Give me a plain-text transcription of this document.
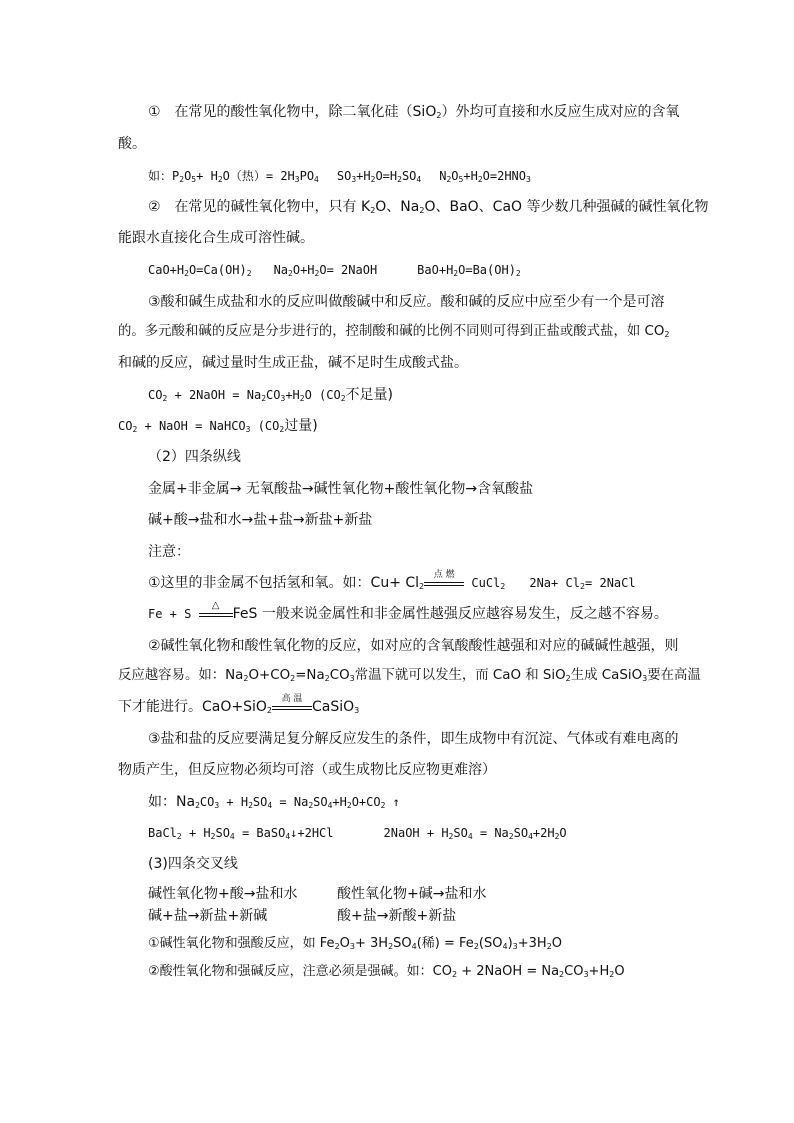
①　在常见的酸性氧化物中，除二氧化硅（SiO$_2$）外均可直接和水反应生成对应的含氧
酸。
如：$P_2O_5+ H_2O$（热）= $2H_3PO_4$ $SO_3+H_2O=H_2SO_4$ $N_2O_5+H_2O=2HNO_3$
②　在常见的碱性氧化物中，只有 $K_2O$、$Na_2O$、BaO、CaO 等少数几种强碱的碱性氧化物
能跟水直接化合生成可溶性碱。
$CaO+H_2O=Ca(OH)_2$ $Na_2O+H_2O=$ 2NaOH	$BaO+H_2O=Ba(OH)_2$
③酸和碱生成盐和水的反应叫做酸碱中和反应。酸和碱的反应中应至少有一个是可溶
的。多元酸和碱的反应是分步进行的，控制酸和碱的比例不同则可得到正盐或酸式盐，如 $CO_2$
和碱的反应，碱过量时生成正盐，碱不足时生成酸式盐。
$CO_2$ + 2NaOH = $Na_2CO_3+H_2O$ ($CO_2$不足量)
$CO_2$ + NaOH = NaHCO$_3$ ($CO_2$过量)
（2）四条纵线
金属+非金属→ 无氧酸盐→碱性氧化物+酸性氧化物→含氧酸盐
碱+酸→盐和水→盐+盐→新盐+新盐
注意：
①这里的非金属不包括氢和氧。如：$Cu+ Cl_2$
点 燃
CuCl$_2$ $2Na+ Cl_2=$ 2NaCl
Fe + S
△
FeS 一般来说金属性和非金属性越强反应越容易发生，反之越不容易。
②碱性氧化物和酸性氧化物的反应，如对应的含氧酸酸性越强和对应的碱碱性越强，则
反应越容易。如：$Na_2O+CO_2=Na_2CO_3$常温下就可以发生，而 CaO 和 SiO$_2$生成 CaSiO$_3$要在高温
下才能进行。CaO+SiO$_2$
高 温 CaSiO$_3$
③盐和盐的反应要满足复分解反应发生的条件，即生成物中有沉淀、气体或有难电离的
物质产生，但反应物必须均可溶（或生成物比反应物更难溶）
如：$Na_2CO_3 + H_2SO_4 = Na_2SO_4+H_2O+CO_2$ ↑
BaCl$_2$ + $H_2SO_4$ = BaSO$_4$↓+2HCl	2NaOH + $H_2SO_4 = Na_2SO_4+2H_2O$
(3)四条交叉线
碱性氧化物+酸→盐和水	酸性氧化物+碱→盐和水
碱+盐→新盐+新碱	酸+盐→新酸+新盐
①碱性氧化物和强酸反应，如 $Fe_2O_3+ 3H_2SO_4$(稀) = $Fe_2(SO_4)_3+3H_2O$
②酸性氧化物和强碱反应，注意必须是强碱。如：$CO_2$ + 2NaOH = $Na_2CO_3+H_2O$
